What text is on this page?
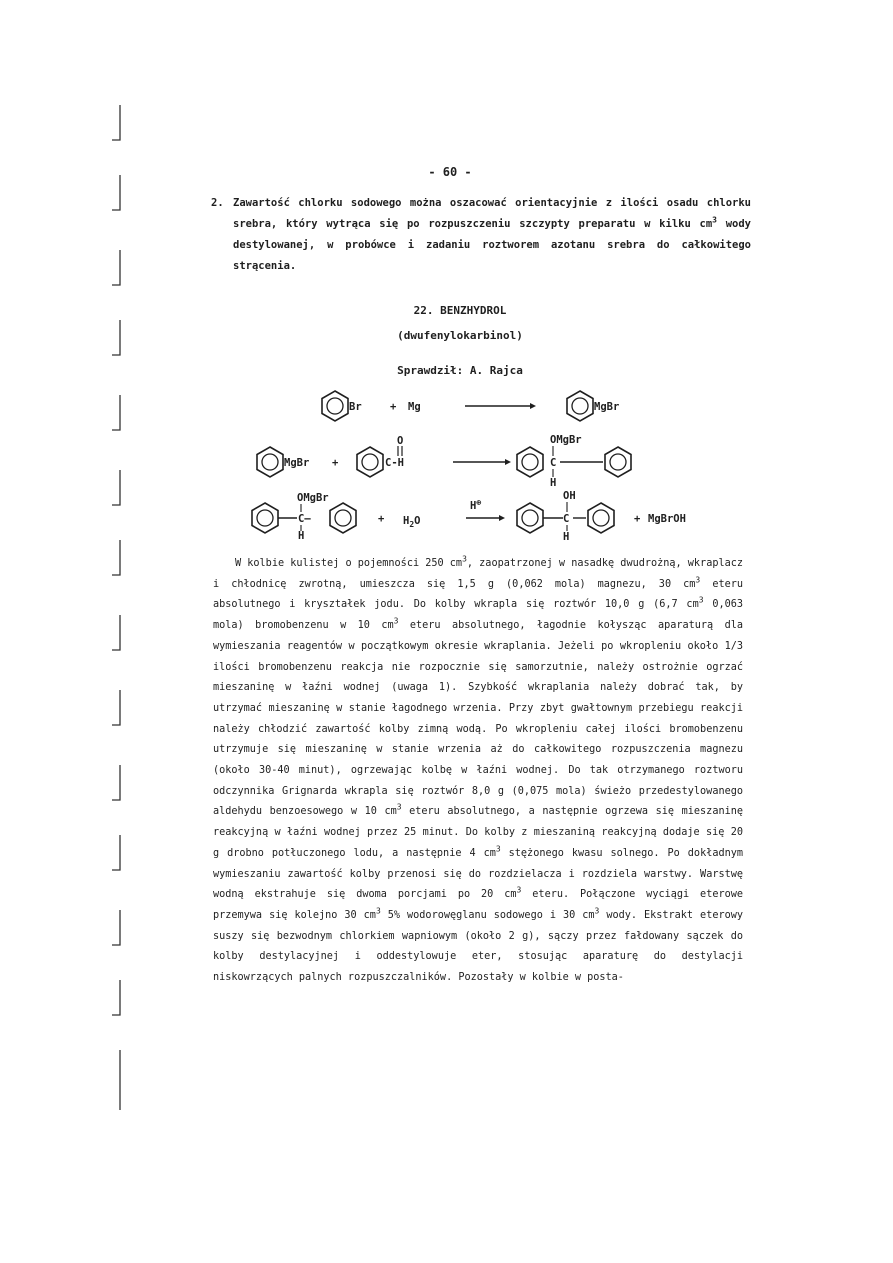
- 60 -
2. Zawartość chlorku sodowego można oszacować orientacyjnie z ilości osadu chlorku srebra, który wytrąca się po rozpuszczeniu szczypty preparatu w kilku $cm^3$ wody destylowanej, w probówce i zadaniu roztworem azotanu srebra do całkowitego strącenia.
22. BENZHYDROL
(dwufenylokarbinol)
Sprawdził: A. Rajca
Br	+ Mg	MgBr
MgBr +
O
C-H
OMgBr
C
H
OMgBr
C–
H
+ $H_2O$
H⊕
OH
C
H
+ MgBrOH

W kolbie kulistej o pojemności 250 $cm^3$, zaopatrzonej w nasadkę dwudrożną, wkraplacz i chłodnicę zwrotną, umieszcza się 1,5 g (0,062 mola) magnezu, 30 $cm^3$ eteru absolutnego i kryształek jodu. Do kolby wkrapla się roztwór 10,0 g (6,7 $cm^3$ 0,063 mola) bromobenzenu w 10 $cm^3$ eteru absolutnego, łagodnie kołysząc aparaturą dla wymieszania reagentów w początkowym okresie wkraplania. Jeżeli po wkropleniu około 1/3 ilości bromobenzenu reakcja nie rozpocznie się samorzutnie, należy ostrożnie ogrzać mieszaninę w łaźni wodnej (uwaga 1). Szybkość wkraplania należy dobrać tak, by utrzymać mieszaninę w stanie łagodnego wrzenia. Przy zbyt gwałtownym przebiegu reakcji należy chłodzić zawartość kolby zimną wodą. Po wkropleniu całej ilości bromobenzenu utrzymuje się mieszaninę w stanie wrzenia aż do całkowitego rozpuszczenia magnezu (około 30-40 minut), ogrzewając kolbę w łaźni wodnej. Do tak otrzymanego roztworu odczynnika Grignarda wkrapla się roztwór 8,0 g (0,075 mola) świeżo przedestylowanego aldehydu benzoesowego w 10 $cm^3$ eteru absolutnego, a następnie ogrzewa się mieszaninę reakcyjną w łaźni wodnej przez 25 minut. Do kolby z mieszaniną reakcyjną dodaje się 20 g drobno potłuczonego lodu, a następnie 4 $cm^3$ stężonego kwasu solnego. Po dokładnym wymieszaniu zawartość kolby przenosi się do rozdzielacza i rozdziela warstwy. Warstwę wodną ekstrahuje się dwoma porcjami po 20 $cm^3$ eteru. Połączone wyciągi eterowe przemywa się kolejno 30 $cm^3$ 5% wodorowęglanu sodowego i 30 $cm^3$ wody. Ekstrakt eterowy suszy się bezwodnym chlorkiem wapniowym (około 2 g), sączy przez fałdowany sączek do kolby destylacyjnej i oddestylowuje eter, stosując aparaturę do destylacji niskowrzących palnych rozpuszczalników. Pozostały w kolbie w posta-
